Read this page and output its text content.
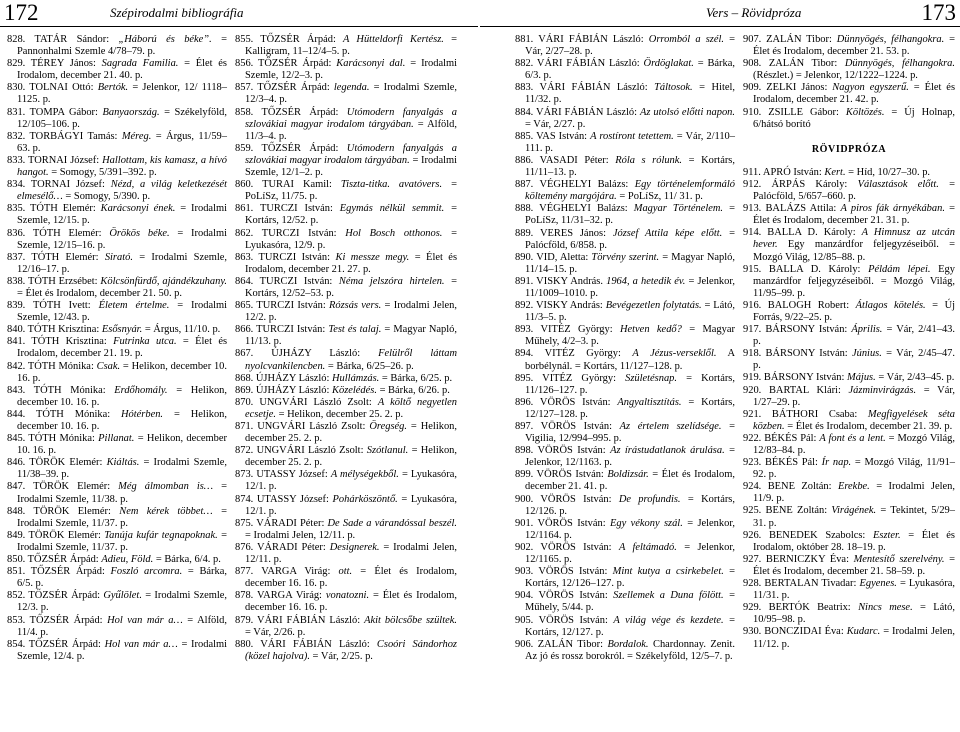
172	Szépirodalmi bibliográfia	Vers – Rövidpróza	173

828. TATÁR Sándor: „Háború és béke”. = Pannonhalmi Szemle 4/78–79. p.

829. TÉREY János: Sagrada Familia. = Élet és Irodalom, december 21. 40. p.

830. TOLNAI Ottó: Bertók. = Jelenkor, 12/ 1118–1125. p.

831. TOMPA Gábor: Banyaország. = Székelyföld, 12/105–106. p.

832. TORBÁGYI Tamás: Méreg. = Árgus, 11/59–63. p.

833. TORNAI József: Hallottam, kis kamasz, a hívó hangot. = Somogy, 5/391–392. p.

834. TORNAI József: Nézd, a világ keletkezését elmesélő… = Somogy, 5/390. p.

835. TÓTH Elemér: Karácsonyi ének. = Irodalmi Szemle, 12/15. p.

836. TÓTH Elemér: Örökös béke. = Irodalmi Szemle, 12/15–16. p.

837. TÓTH Elemér: Sirató. = Irodalmi Szemle, 12/16–17. p.

838. TÓTH Erzsébet: Kölcsönfürdő, ajándékzuhany. = Élet és Irodalom, december 21. 50. p.

839. TÓTH Ivett: Életem értelme. = Irodalmi Szemle, 12/43. p.

840. TÓTH Krisztina: Esősnyár. = Árgus, 11/10. p.

841. TÓTH Krisztina: Futrinka utca. = Élet és Irodalom, december 21. 19. p.

842. TÓTH Mónika: Csak. = Helikon, december 10. 16. p.

843. TÓTH Mónika: Erdőhomály. = Helikon, december 10. 16. p.

844. TÓTH Mónika: Hótérben. = Helikon, december 10. 16. p.

845. TÓTH Mónika: Pillanat. = Helikon, december 10. 16. p.

846. TÖRÖK Elemér: Kiáltás. = Irodalmi Szemle, 11/38–39. p.

847. TÖRÖK Elemér: Még álmomban is… = Irodalmi Szemle, 11/38. p.

848. TÖRÖK Elemér: Nem kérek többet… = Irodalmi Szemle, 11/37. p.

849. TÖRÖK Elemér: Tanúja kufár tegnapoknak. = Irodalmi Szemle, 11/37. p.

850. TŐZSÉR Árpád: Adieu, Föld. = Bárka, 6/4. p.

851. TŐZSÉR Árpád: Foszló arcomra. = Bárka, 6/5. p.

852. TŐZSÉR Árpád: Gyűlölet. = Irodalmi Szemle, 12/3. p.

853. TŐZSÉR Árpád: Hol van már a… = Alföld, 11/4. p.

854. TŐZSÉR Árpád: Hol van már a… = Irodalmi Szemle, 12/4. p.

855. TŐZSÉR Árpád: A Hütteldorfi Kertész. = Kalligram, 11–12/4–5. p.

856. TŐZSÉR Árpád: Karácsonyi dal. = Irodalmi Szemle, 12/2–3. p.

857. TŐZSÉR Árpád: legenda. = Irodalmi Szemle, 12/3–4. p.

858. TŐZSÉR Árpád: Utómodern fanyalgás a szlovákiai magyar irodalom tárgyában. = Alföld, 11/3–4. p.

859. TŐZSÉR Árpád: Utómodern fanyalgás a szlovákiai magyar irodalom tárgyában. = Irodalmi Szemle, 12/1–2. p.

860. TURAI Kamil: Tiszta-titka. avatóvers. = PoLíSz, 11/75. p.

861. TURCZI István: Egymás nélkül semmit. = Kortárs, 12/52. p.

862. TURCZI István: Hol Bosch otthonos. = Lyukasóra, 12/9. p.

863. TURCZI István: Ki messze megy. = Élet és Irodalom, december 21. 27. p.

864. TURCZI István: Néma jelszóra hirtelen. = Kortárs, 12/52–53. p.

865. TURCZI István: Rózsás vers. = Irodalmi Jelen, 12/2. p.

866. TURCZI István: Test és talaj. = Magyar Napló, 11/13. p.

867. ÚJHÁZY László: Felülről láttam nyolcvankilencben. = Bárka, 6/25–26. p.

868. ÚJHÁZY László: Hullámzás. = Bárka, 6/25. p.

869. ÚJHÁZY László: Közelédés. = Bárka, 6/26. p.

870. UNGVÁRI László Zsolt: A költő negyetlen ecsetje. = Helikon, december 25. 2. p.

871. UNGVÁRI László Zsolt: Öregség. = Helikon, december 25. 2. p.

872. UNGVÁRI László Zsolt: Szótlanul. = Helikon, december 25. 2. p.

873. UTASSY József: A mélységekből. = Lyukasóra, 12/1. p.

874. UTASSY József: Pohárköszöntő. = Lyukasóra, 12/1. p.

875. VÁRADI Péter: De Sade a várandóssal beszél. = Irodalmi Jelen, 12/11. p.

876. VÁRADI Péter: Designerek. = Irodalmi Jelen, 12/11. p.

877. VARGA Virág: ott. = Élet és Irodalom, december 16. 16. p.

878. VARGA Virág: vonatozni. = Élet és Irodalom, december 16. 16. p.

879. VÁRI FÁBIÁN László: Akit bölcsőbe szültek. = Vár, 2/26. p.

880. VÁRI FÁBIÁN László: Csoóri Sándorhoz (közel hajolva). = Vár, 2/25. p.

881. VÁRI FÁBIÁN László: Orromból a szél. = Vár, 2/27–28. p.

882. VÁRI FÁBIÁN László: Ördöglakat. = Bárka, 6/3. p.

883. VÁRI FÁBIÁN László: Táltosok. = Hitel, 11/32. p.

884. VÁRI FÁBIÁN László: Az utolsó előtti napon. = Vár, 2/27. p.

885. VAS István: A rostíront tetettem. = Vár, 2/110–111. p.

886. VASADI Péter: Róla s rólunk. = Kortárs, 11/11–13. p.

887. VÉGHELYI Balázs: Egy történelemformáló költemény margójára. = PoLíSz, 11/ 31. p.

888. VÉGHELYI Balázs: Magyar Történelem. = PoLíSz, 11/31–32. p.

889. VERES János: József Attila képe előtt. = Palócföld, 6/858. p.

890. VID, Aletta: Törvény szerint. = Magyar Napló, 11/14–15. p.

891. VISKY András. 1964, a hetedik év. = Jelenkor, 11/1009–1010. p.

892. VISKY András: Bevégezetlen folytatás. = Látó, 11/3–5. p.

893. VITÉZ György: Hetven kedő? = Magyar Műhely, 4/2–3. p.

894. VITÉZ György: A Jézus-verseklől. A borbélynál. = Kortárs, 11/127–128. p.

895. VITÉZ György: Születésnap. = Kortárs, 11/126–127. p.

896. VÖRÖS István: Angyaltisztítás. = Kortárs, 12/127–128. p.

897. VÖRÖS István: Az értelem szelídsége. = Vigilia, 12/994–995. p.

898. VÖRÖS István: Az írástudatlanok árulása. = Jelenkor, 12/1163. p.

899. VÖRÖS István: Boldizsár. = Élet és Irodalom, december 21. 41. p.

900. VÖRÖS István: De profundis. = Kortárs, 12/126. p.

901. VÖRÖS István: Egy vékony szál. = Jelenkor, 12/1164. p.

902. VÖRÖS István: A feltámadó. = Jelenkor, 12/1165. p.

903. VÖRÖS István: Mint kutya a csirkebelet. = Kortárs, 12/126–127. p.

904. VÖRÖS István: Szellemek a Duna fölött. = Műhely, 5/44. p.

905. VÖRÖS István: A világ vége és kezdete. = Kortárs, 12/127. p.

906. ZALÁN Tibor: Bordalok. Chardonnay. Zenit. Az jó és rossz borokról. = Székelyföld, 12/5–7. p.

907. ZALÁN Tibor: Dünnyögés, félhangokra. = Élet és Irodalom, december 21. 53. p.

908. ZALÁN Tibor: Dünnyögés, félhangokra. (Részlet.) = Jelenkor, 12/1222–1224. p.

909. ZELKI János: Nagyon egyszerű. = Élet és Irodalom, december 21. 42. p.

910. ZSILLE Gábor: Költözés. = Új Holnap, 6/hátsó borító

RÖVIDPRÓZA

911. APRÓ István: Kert. = Híd, 10/27–30. p.

912. ÁRPÁS Károly: Választások előtt. = Palócföld, 5/657–660. p.

913. BALÁZS Attila: A piros fák árnyékában. = Élet és Irodalom, december 21. 31. p.

914. BALLA D. Károly: A Himnusz az utcán hever. Egy manzárdfor feljegyzéseiből. = Mozgó Világ, 12/85–88. p.

915. BALLA D. Károly: Példám lépei. Egy manzárdfor feljegyzéseiből. = Mozgó Világ, 11/95–99. p.

916. BALOGH Robert: Átlagos kötelés. = Új Forrás, 9/22–25. p.

917. BÁRSONY István: Április. = Vár, 2/41–43. p.

918. BÁRSONY István: Június. = Vár, 2/45–47. p.

919. BÁRSONY István: Május. = Vár, 2/43–45. p.

920. BARTAL Klári: Jázminvirágzás. = Vár, 1/27–29. p.

921. BÁTHORI Csaba: Megfigyelések séta közben. = Élet és Irodalom, december 21. 39. p.

922. BÉKÉS Pál: A font és a lent. = Mozgó Világ, 12/83–84. p.

923. BÉKÉS Pál: Ír nap. = Mozgó Világ, 11/91–92. p.

924. BENE Zoltán: Erekbe. = Irodalmi Jelen, 11/9. p.

925. BENE Zoltán: Virágének. = Tekintet, 5/29–31. p.

926. BENEDEK Szabolcs: Eszter. = Élet és Irodalom, október 28. 18–19. p.

927. BERNICZKY Éva: Mentesítő szerelvény. = Élet és Irodalom, december 21. 58–59. p.

928. BERTALAN Tivadar: Egyenes. = Lyukasóra, 11/31. p.

929. BERTÓK Beatrix: Nincs mese. = Látó, 10/95–98. p.

930. BONCZIDAI Éva: Kudarc. = Irodalmi Jelen, 11/12. p.
